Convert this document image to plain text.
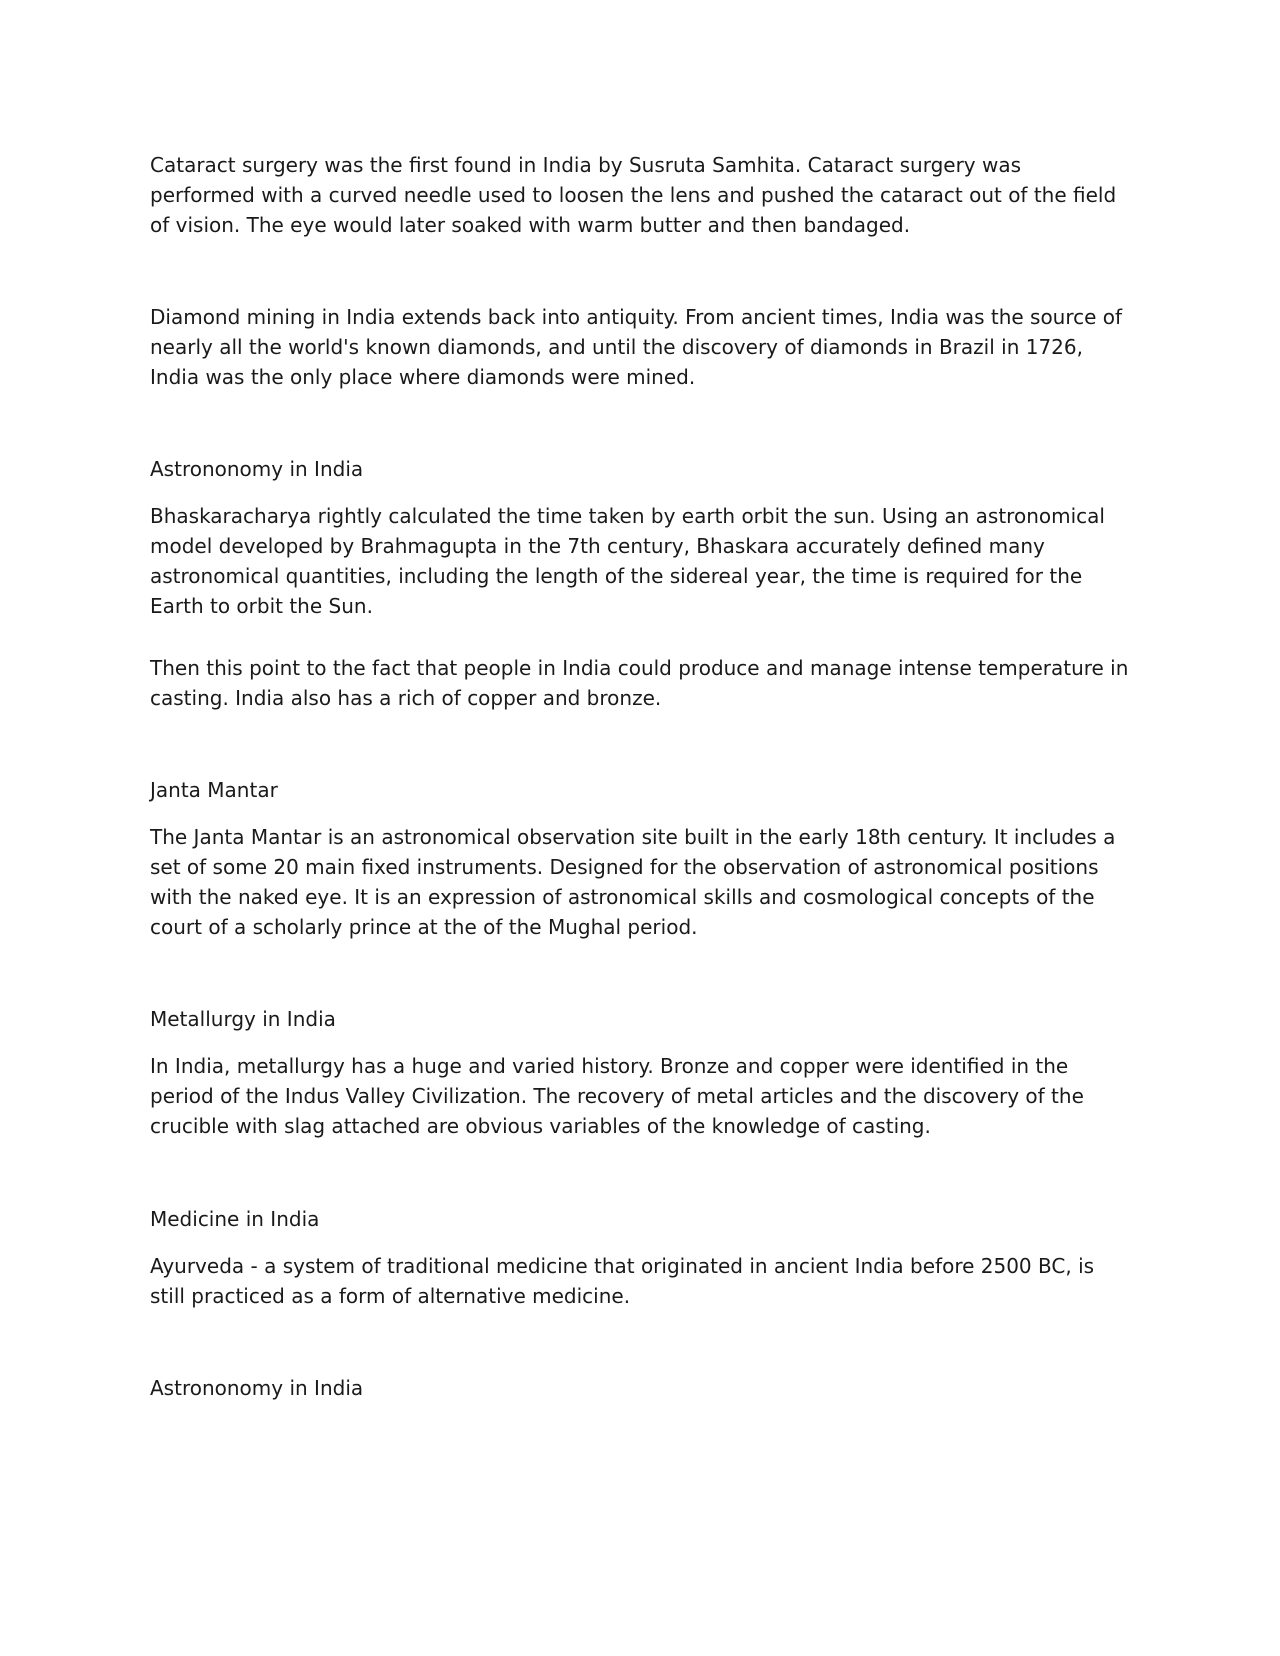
Cataract surgery was the first found in India by Susruta Samhita. Cataract surgery was performed with a curved needle used to loosen the lens and pushed the cataract out of the field of vision. The eye would later soaked with warm butter and then bandaged.

Diamond mining in India extends back into antiquity. From ancient times, India was the source of nearly all the world's known diamonds, and until the discovery of diamonds in Brazil in 1726, India was the only place where diamonds were mined.

Astrononomy in India

Bhaskaracharya rightly calculated the time taken by earth orbit the sun. Using an astronomical model developed by Brahmagupta in the 7th century, Bhaskara accurately defined many astronomical quantities, including the length of the sidereal year, the time is required for the Earth to orbit the Sun.

Then this point to the fact that people in India could produce and manage intense temperature in casting. India also has a rich of copper and bronze.

Janta Mantar

The Janta Mantar is an astronomical observation site built in the early 18th century. It includes a set of some 20 main fixed instruments. Designed for the observation of astronomical positions with the naked eye. It is an expression of astronomical skills and cosmological concepts of the court of a scholarly prince at the of the Mughal period.

Metallurgy in India

In India, metallurgy has a huge and varied history. Bronze and copper were identified in the period of the Indus Valley Civilization. The recovery of metal articles and the discovery of the crucible with slag attached are obvious variables of the knowledge of casting.

Medicine in India

Ayurveda - a system of traditional medicine that originated in ancient India before 2500 BC, is still practiced as a form of alternative medicine.

Astrononomy in India
